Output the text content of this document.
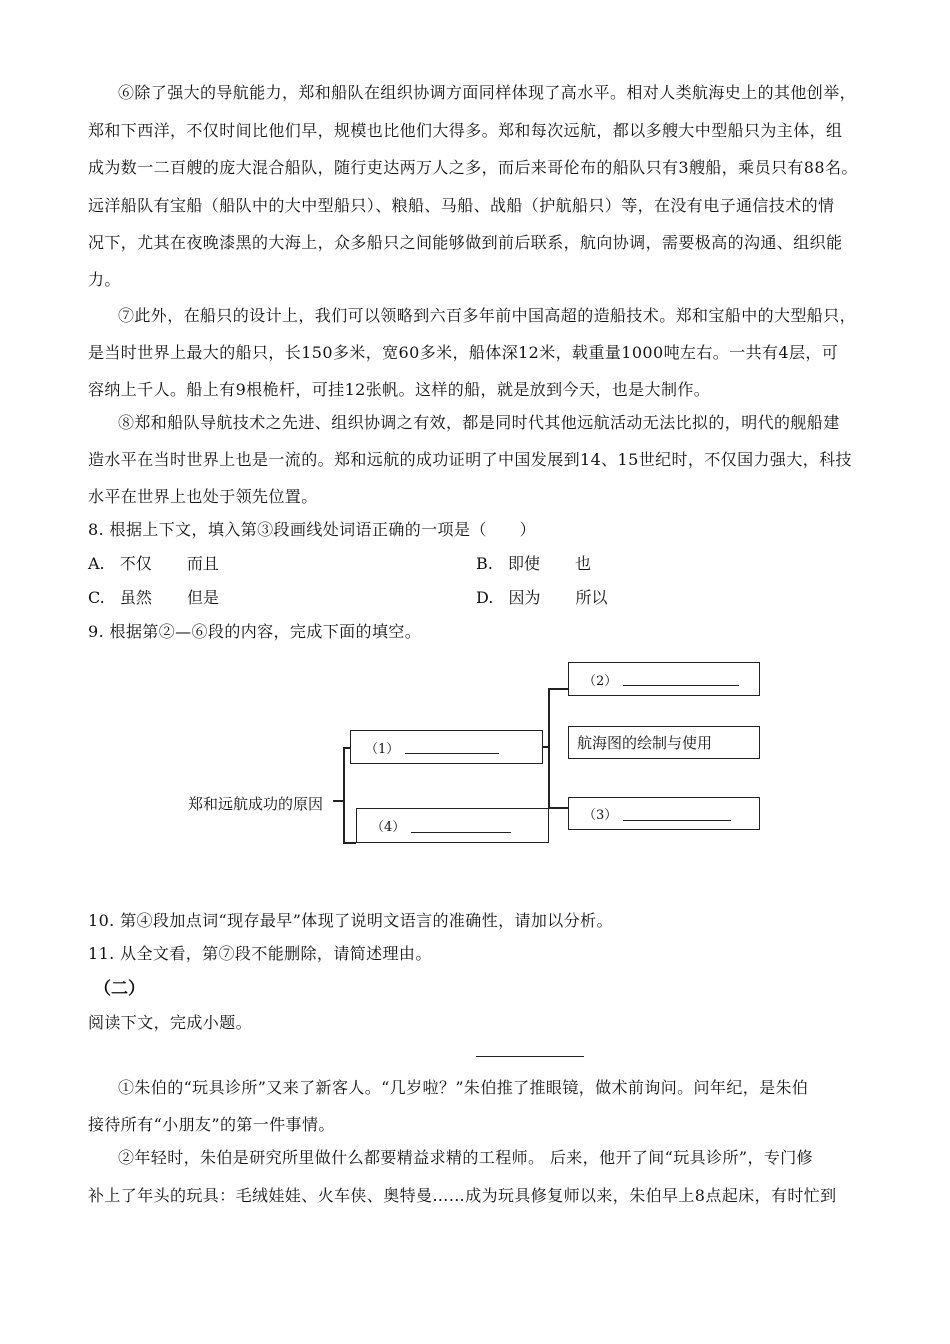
⑥除了强大的导航能力，郑和船队在组织协调方面同样体现了高水平。相对人类航海史上的其他创举，
郑和下西洋，不仅时间比他们早，规模也比他们大得多。郑和每次远航，都以多艘大中型船只为主体，组
成为数一二百艘的庞大混合船队，随行吏达两万人之多，而后来哥伦布的船队只有3艘船，乘员只有88名。
远洋船队有宝船（船队中的大中型船只）、粮船、马船、战船（护航船只）等，在没有电子通信技术的情
况下，尤其在夜晚漆黑的大海上，众多船只之间能够做到前后联系，航向协调，需要极高的沟通、组织能
力。
⑦此外，在船只的设计上，我们可以领略到六百多年前中国高超的造船技术。郑和宝船中的大型船只，
是当时世界上最大的船只，长150多米，宽60多米，船体深12米，载重量1000吨左右。一共有4层，可
容纳上千人。船上有9根桅杆，可挂12张帆。这样的船，就是放到今天，也是大制作。
⑧郑和船队导航技术之先进、组织协调之有效，都是同时代其他远航活动无法比拟的，明代的舰船建
造水平在当时世界上也是一流的。郑和远航的成功证明了中国发展到14、15世纪时，不仅国力强大，科技
水平在世界上也处于领先位置。
8. 根据上下文，填入第③段画线处词语正确的一项是（　　）
A. 不仅 而且	B. 即使 也
C. 虽然 但是	D. 因为 所以
9. 根据第②—⑥段的内容，完成下面的填空。
郑和远航成功的原因
（1）
（4）
（2）
航海图的绘制与使用
（3）
10. 第④段加点词“现存最早”体现了说明文语言的准确性，请加以分析。
11. 从全文看，第⑦段不能删除，请简述理由。
（二）
阅读下文，完成小题。
①朱伯的“玩具诊所”又来了新客人。“几岁啦？”朱伯推了推眼镜，做术前询问。问年纪，是朱伯
接待所有“小朋友”的第一件事情。
②年轻时，朱伯是研究所里做什么都要精益求精的工程师。 后来，他开了间“玩具诊所”，专门修
补上了年头的玩具：毛绒娃娃、火车侠、奥特曼……成为玩具修复师以来，朱伯早上8点起床，有时忙到
